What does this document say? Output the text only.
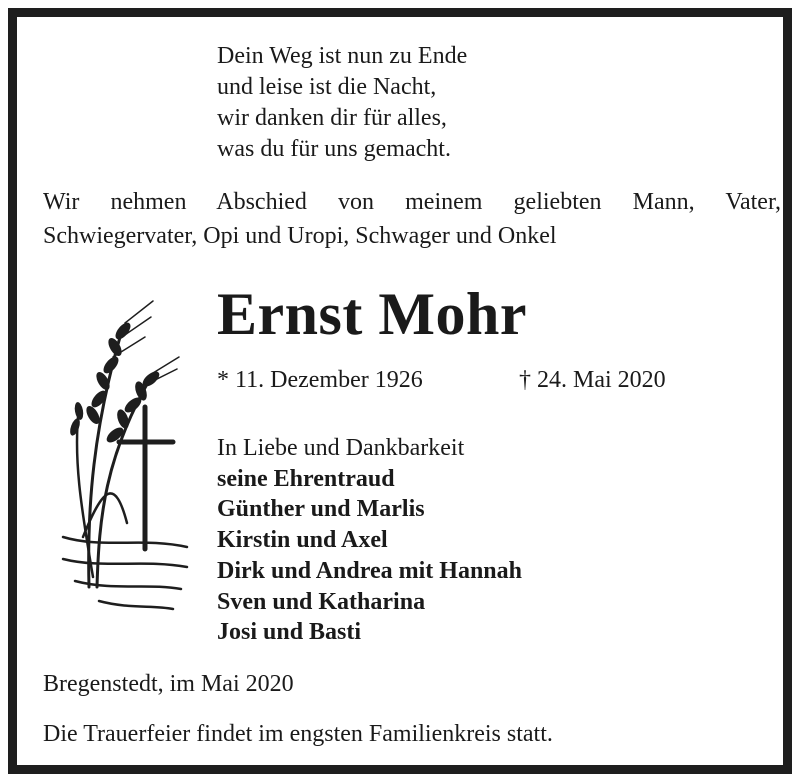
Dein Weg ist nun zu Ende
und leise ist die Nacht,
wir danken dir für alles,
was du für uns gemacht.
Wir nehmen Abschied von meinem geliebten Mann, Vater,
Schwiegervater, Opi und Uropi, Schwager und Onkel
Ernst Mohr
* 11. Dezember 1926	† 24. Mai 2020
In Liebe und Dankbarkeit
seine Ehrentraud
Günther und Marlis
Kirstin und Axel
Dirk und Andrea mit Hannah
Sven und Katharina
Josi und Basti
Bregenstedt, im Mai 2020
Die Trauerfeier findet im engsten Familienkreis statt.
